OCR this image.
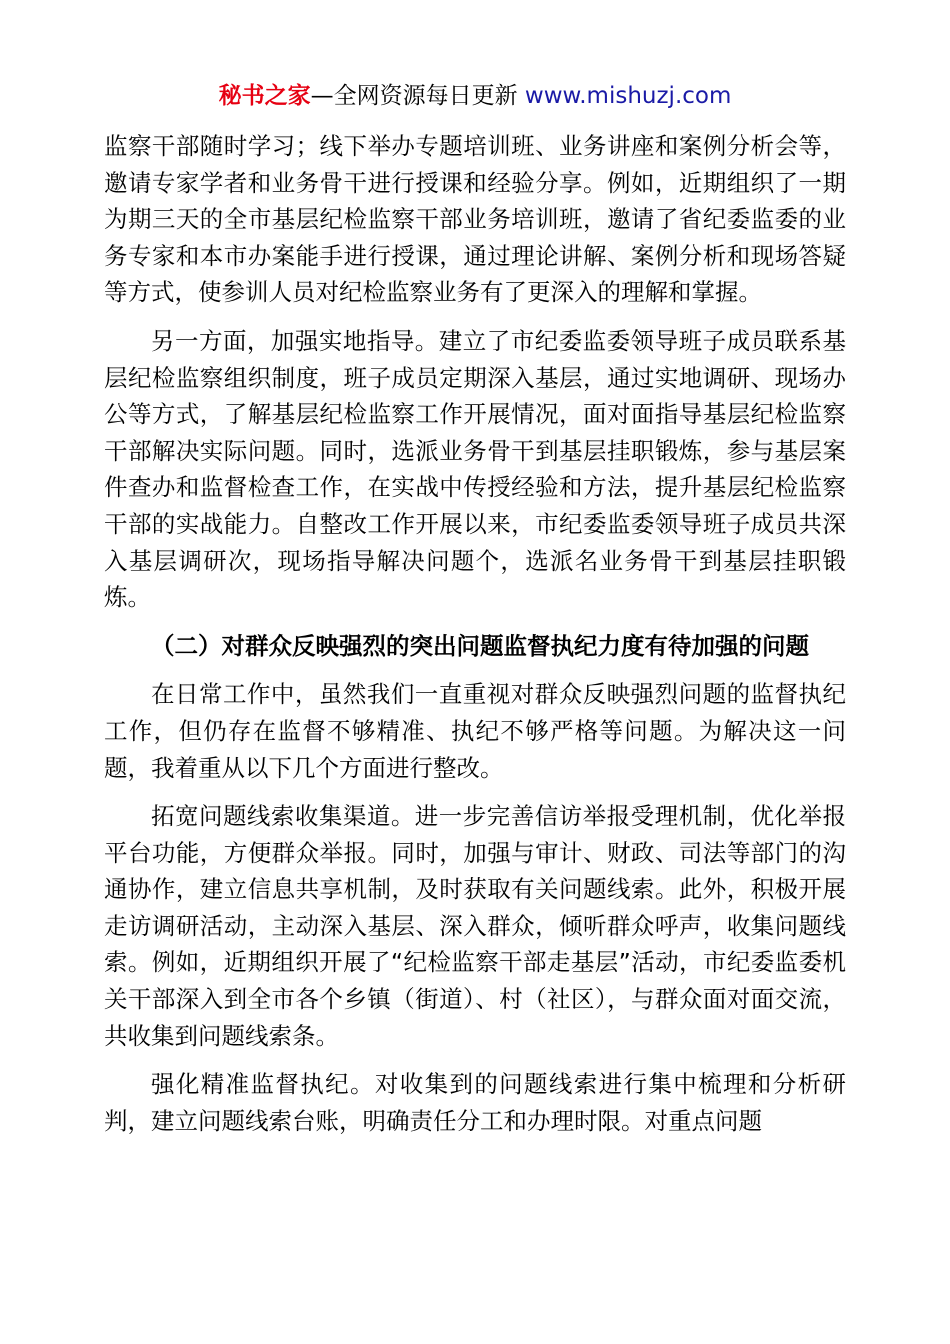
秘书之家—全网资源每日更新 www.mishuzj.com

监察干部随时学习；线下举办专题培训班、业务讲座和案例分析会等，邀请专家学者和业务骨干进行授课和经验分享。例如，近期组织了一期为期三天的全市基层纪检监察干部业务培训班，邀请了省纪委监委的业务专家和本市办案能手进行授课，通过理论讲解、案例分析和现场答疑等方式，使参训人员对纪检监察业务有了更深入的理解和掌握。

另一方面，加强实地指导。建立了市纪委监委领导班子成员联系基层纪检监察组织制度，班子成员定期深入基层，通过实地调研、现场办公等方式，了解基层纪检监察工作开展情况，面对面指导基层纪检监察干部解决实际问题。同时，选派业务骨干到基层挂职锻炼，参与基层案件查办和监督检查工作，在实战中传授经验和方法，提升基层纪检监察干部的实战能力。自整改工作开展以来，市纪委监委领导班子成员共深入基层调研次，现场指导解决问题个，选派名业务骨干到基层挂职锻炼。

（二）对群众反映强烈的突出问题监督执纪力度有待加强的问题

在日常工作中，虽然我们一直重视对群众反映强烈问题的监督执纪工作，但仍存在监督不够精准、执纪不够严格等问题。为解决这一问题，我着重从以下几个方面进行整改。

拓宽问题线索收集渠道。进一步完善信访举报受理机制，优化举报平台功能，方便群众举报。同时，加强与审计、财政、司法等部门的沟通协作，建立信息共享机制，及时获取有关问题线索。此外，积极开展走访调研活动，主动深入基层、深入群众，倾听群众呼声，收集问题线索。例如，近期组织开展了“纪检监察干部走基层”活动，市纪委监委机关干部深入到全市各个乡镇（街道）、村（社区），与群众面对面交流，共收集到问题线索条。

强化精准监督执纪。对收集到的问题线索进行集中梳理和分析研判，建立问题线索台账，明确责任分工和办理时限。对重点问题
